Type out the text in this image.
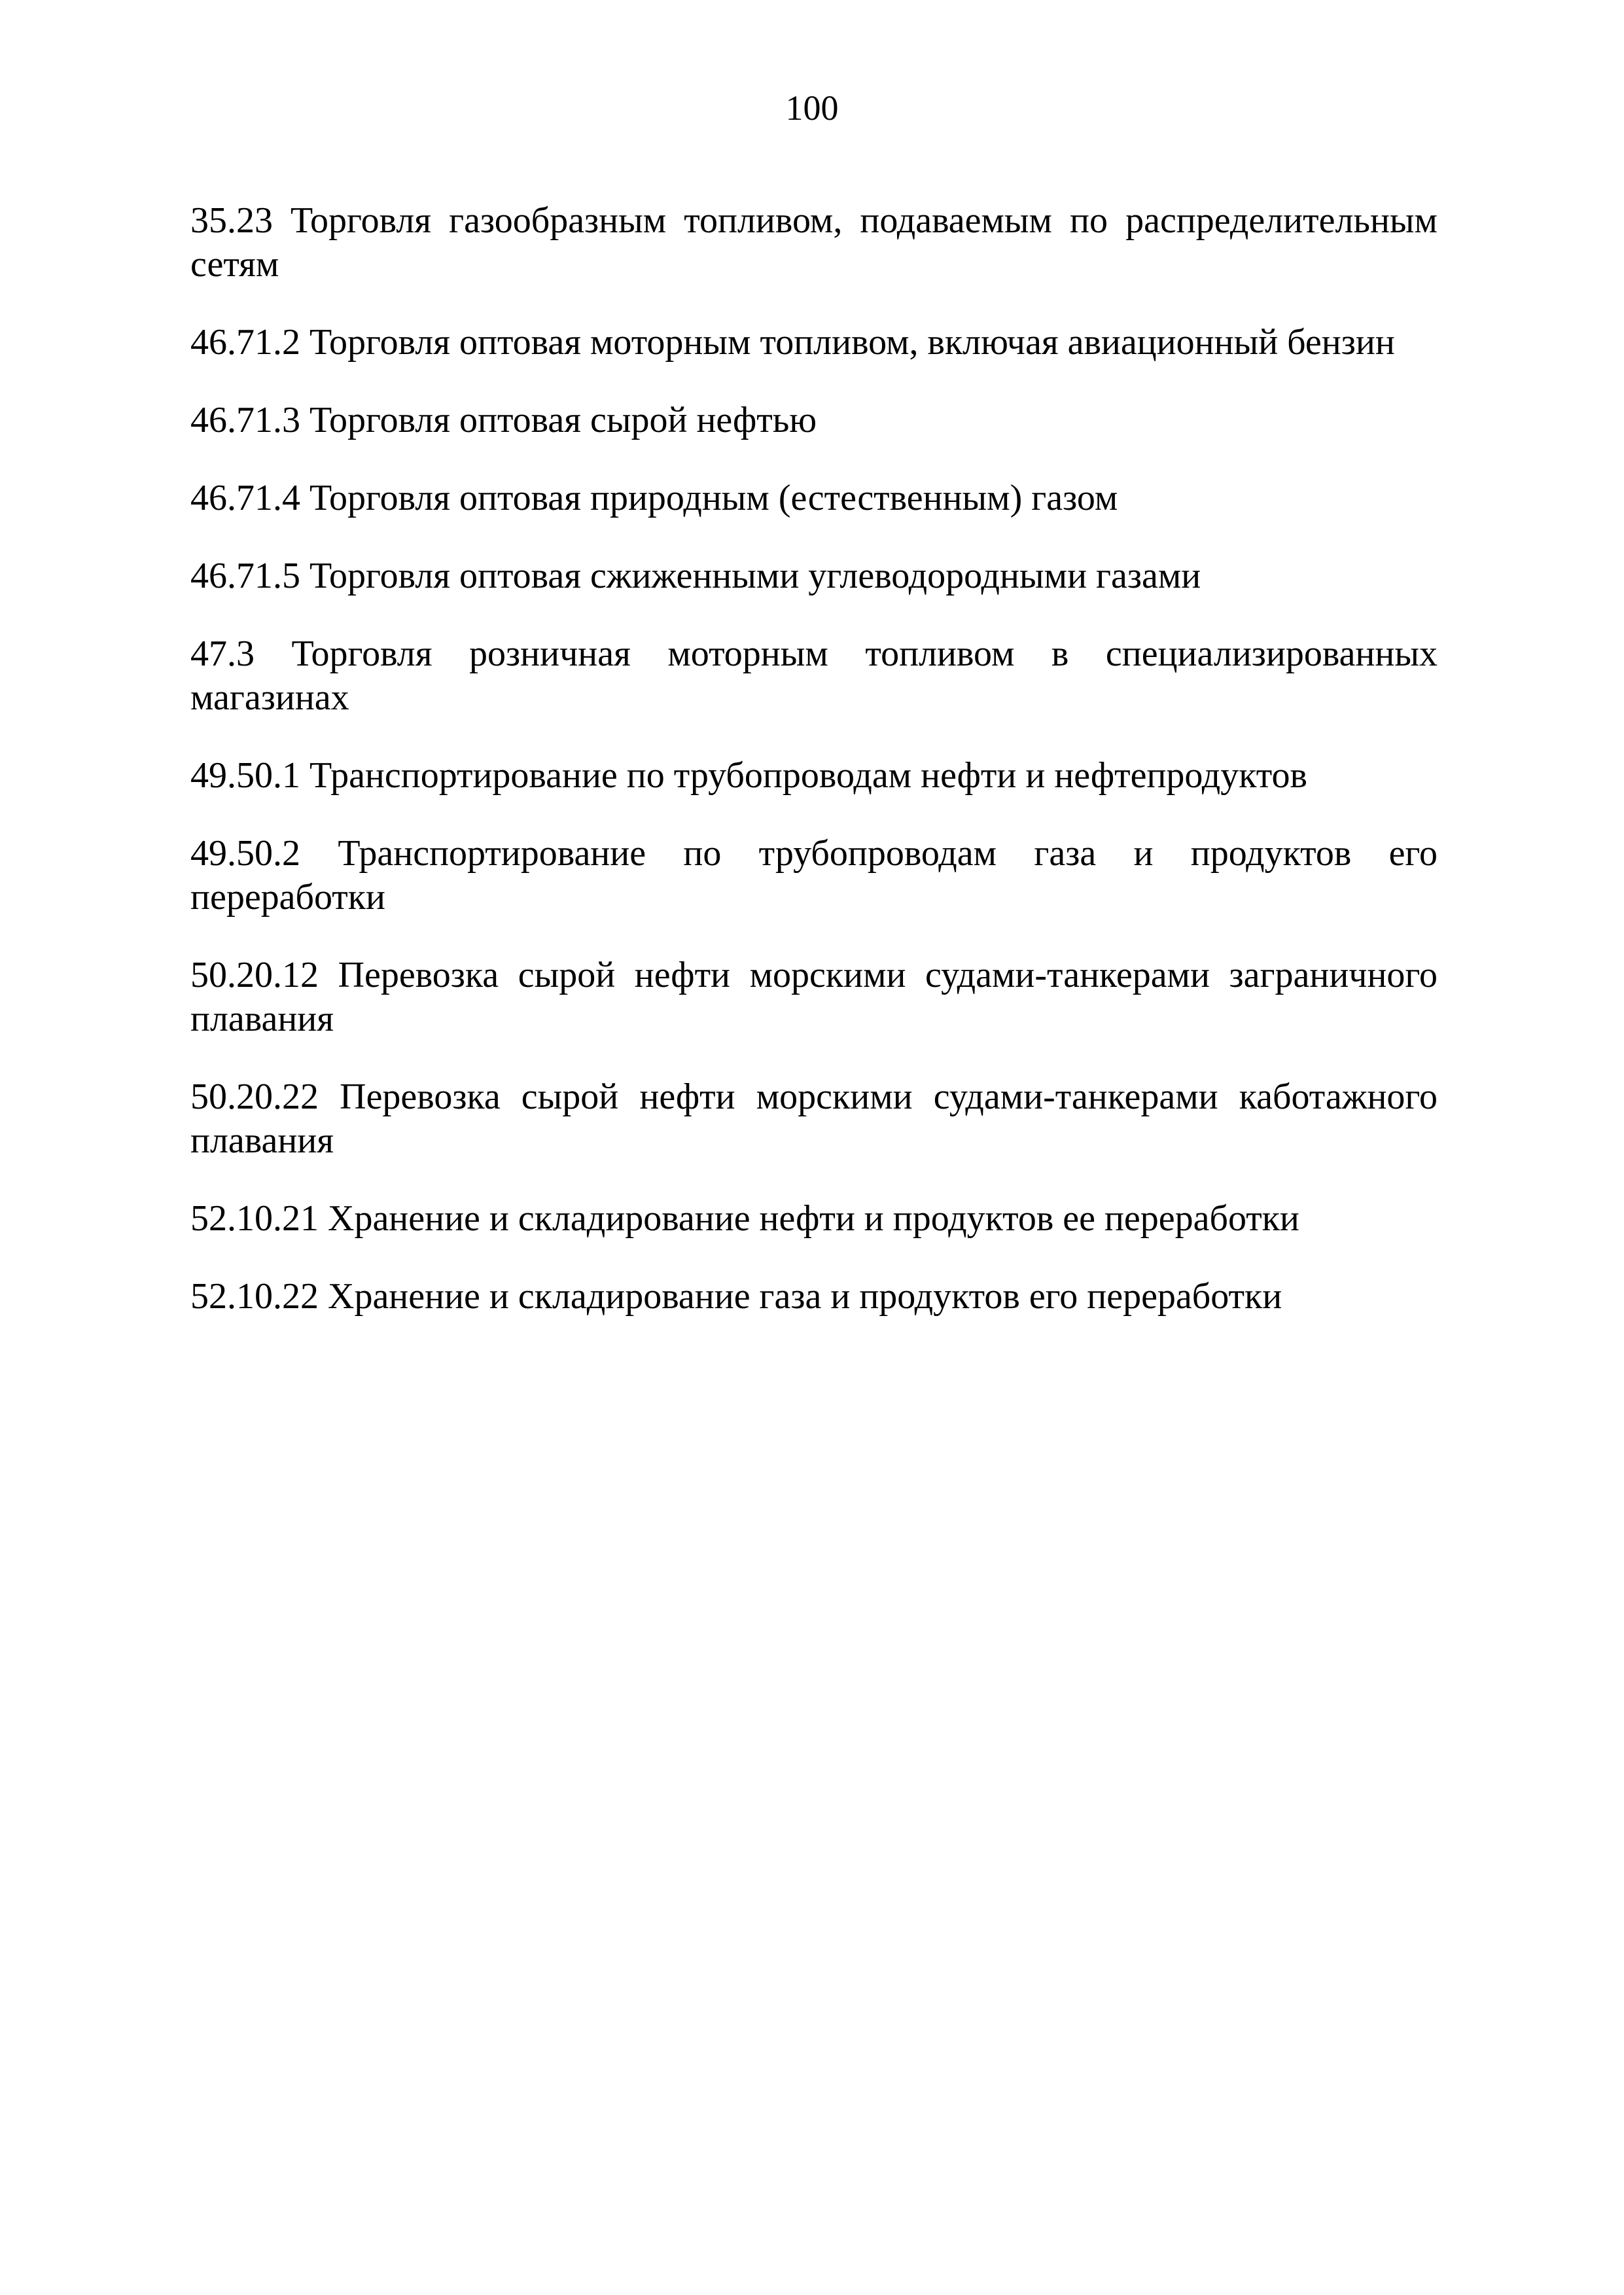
100
35.23 Торговля газообразным топливом, подаваемым по распределительным сетям
46.71.2 Торговля оптовая моторным топливом, включая авиационный бензин
46.71.3 Торговля оптовая сырой нефтью
46.71.4 Торговля оптовая природным (естественным) газом
46.71.5 Торговля оптовая сжиженными углеводородными газами
47.3 Торговля розничная моторным топливом в специализированных магазинах
49.50.1 Транспортирование по трубопроводам нефти и нефтепродуктов
49.50.2 Транспортирование по трубопроводам газа и продуктов его переработки
50.20.12 Перевозка сырой нефти морскими судами-танкерами заграничного плавания
50.20.22 Перевозка сырой нефти морскими судами-танкерами каботажного плавания
52.10.21 Хранение и складирование нефти и продуктов ее переработки
52.10.22 Хранение и складирование газа и продуктов его переработки
